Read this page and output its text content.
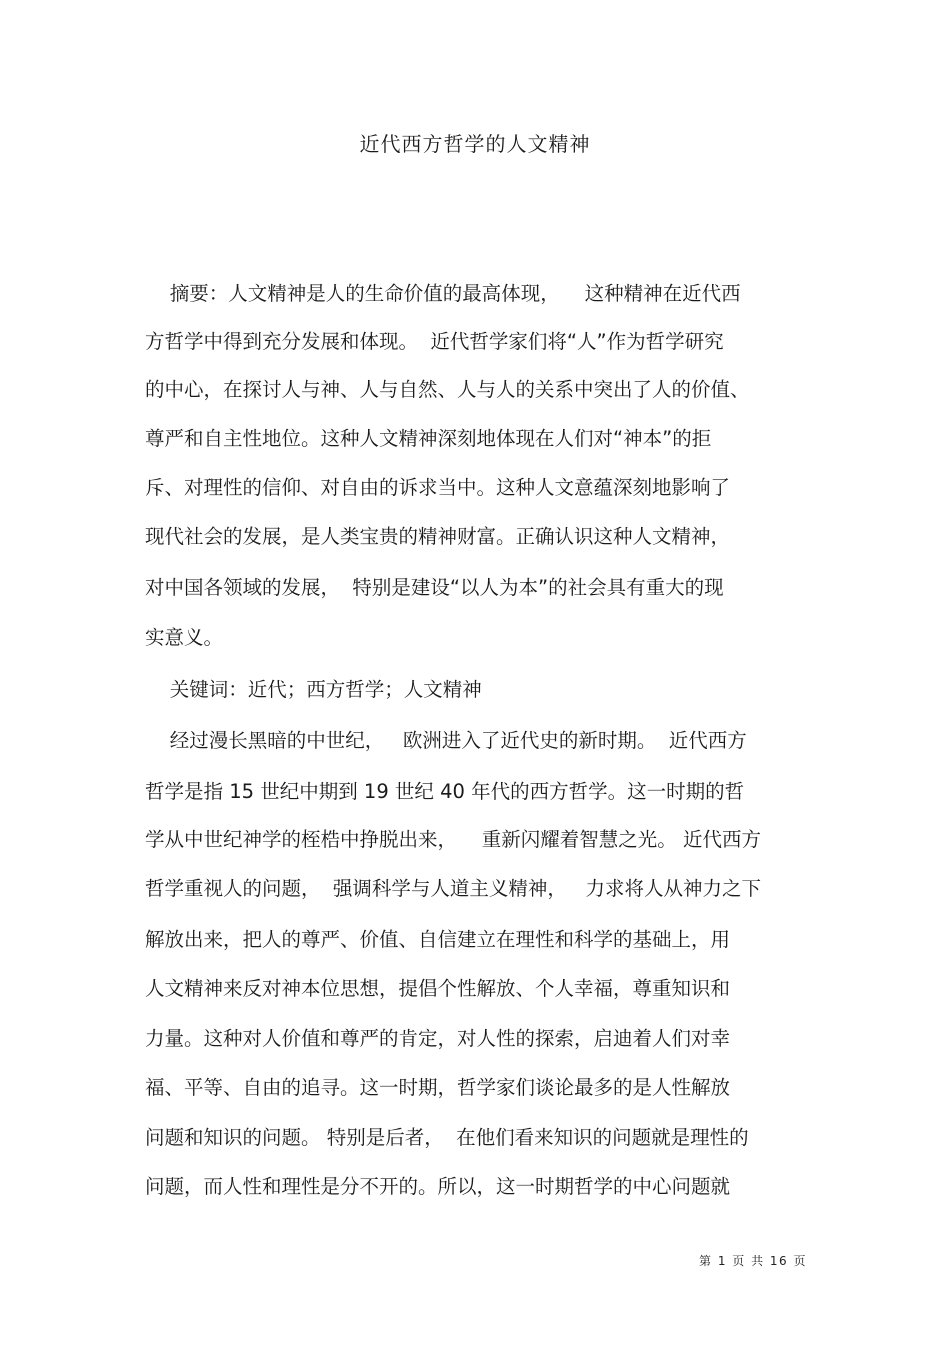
近代西方哲学的人文精神
摘要：人文精神是人的生命价值的最高体现，    这种精神在近代西
方哲学中得到充分发展和体现。  近代哲学家们将“人”作为哲学研究
的中心，在探讨人与神、人与自然、人与人的关系中突出了人的价值、
尊严和自主性地位。这种人文精神深刻地体现在人们对“神本”的拒
斥、对理性的信仰、对自由的诉求当中。这种人文意蕴深刻地影响了
现代社会的发展，是人类宝贵的精神财富。正确认识这种人文精神，
对中国各领域的发展，  特别是建设“以人为本”的社会具有重大的现
实意义。
关键词：近代；西方哲学；人文精神
经过漫长黑暗的中世纪，   欧洲进入了近代史的新时期。  近代西方
哲学是指 15 世纪中期到 19 世纪 40 年代的西方哲学。这一时期的哲
学从中世纪神学的桎梏中挣脱出来，    重新闪耀着智慧之光。 近代西方
哲学重视人的问题，  强调科学与人道主义精神，   力求将人从神力之下
解放出来，把人的尊严、价值、自信建立在理性和科学的基础上，用
人文精神来反对神本位思想，提倡个性解放、个人幸福，尊重知识和
力量。这种对人价值和尊严的肯定，对人性的探索，启迪着人们对幸
福、平等、自由的追寻。这一时期，哲学家们谈论最多的是人性解放
问题和知识的问题。 特别是后者，  在他们看来知识的问题就是理性的
问题，而人性和理性是分不开的。所以，这一时期哲学的中心问题就
第 1 页 共 16 页
